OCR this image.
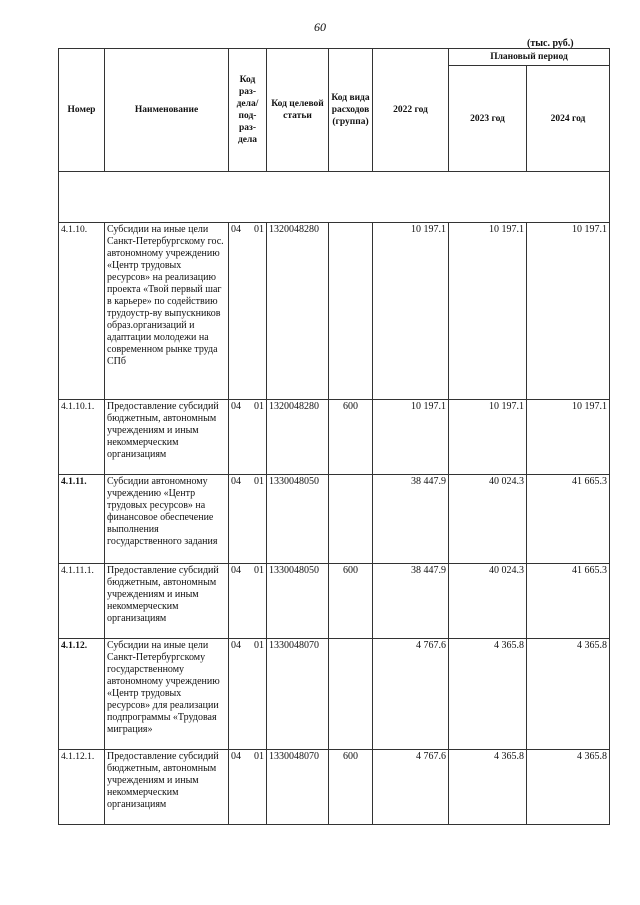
60
(тыс. руб.)
Номер	Наименование	Код раз-дела/ под-раз-дела	Код целевой статьи	Код вида расходов (группа)	2022 год	Плановый период	
						2023 год	2024 год

4.1.10.	Субсидии на иные цели Санкт-Петербургскому гос. автономному учреждению «Центр трудовых ресурсов» на реализацию проекта «Твой первый шаг в карьере» по содействию трудоустр-ву выпускников образ.организаций и адаптации молодежи на современном рынке труда СПб	04 01	1320048280		10 197.1	10 197.1	10 197.1
4.1.10.1.	Предоставление субсидий бюджетным, автономным учреждениям и иным некоммерческим организациям	04 01	1320048280	600	10 197.1	10 197.1	10 197.1
4.1.11.	Субсидии автономному учреждению «Центр трудовых ресурсов» на финансовое обеспечение выполнения государственного задания	04 01	1330048050		38 447.9	40 024.3	41 665.3
4.1.11.1.	Предоставление субсидий бюджетным, автономным учреждениям и иным некоммерческим организациям	04 01	1330048050	600	38 447.9	40 024.3	41 665.3
4.1.12.	Субсидии на иные цели Санкт-Петербургскому государственному автономному учреждению «Центр трудовых ресурсов» для реализации подпрограммы «Трудовая миграция»	04 01	1330048070		4 767.6	4 365.8	4 365.8
4.1.12.1.	Предоставление субсидий бюджетным, автономным учреждениям и иным некоммерческим организациям	04 01	1330048070	600	4 767.6	4 365.8	4 365.8
